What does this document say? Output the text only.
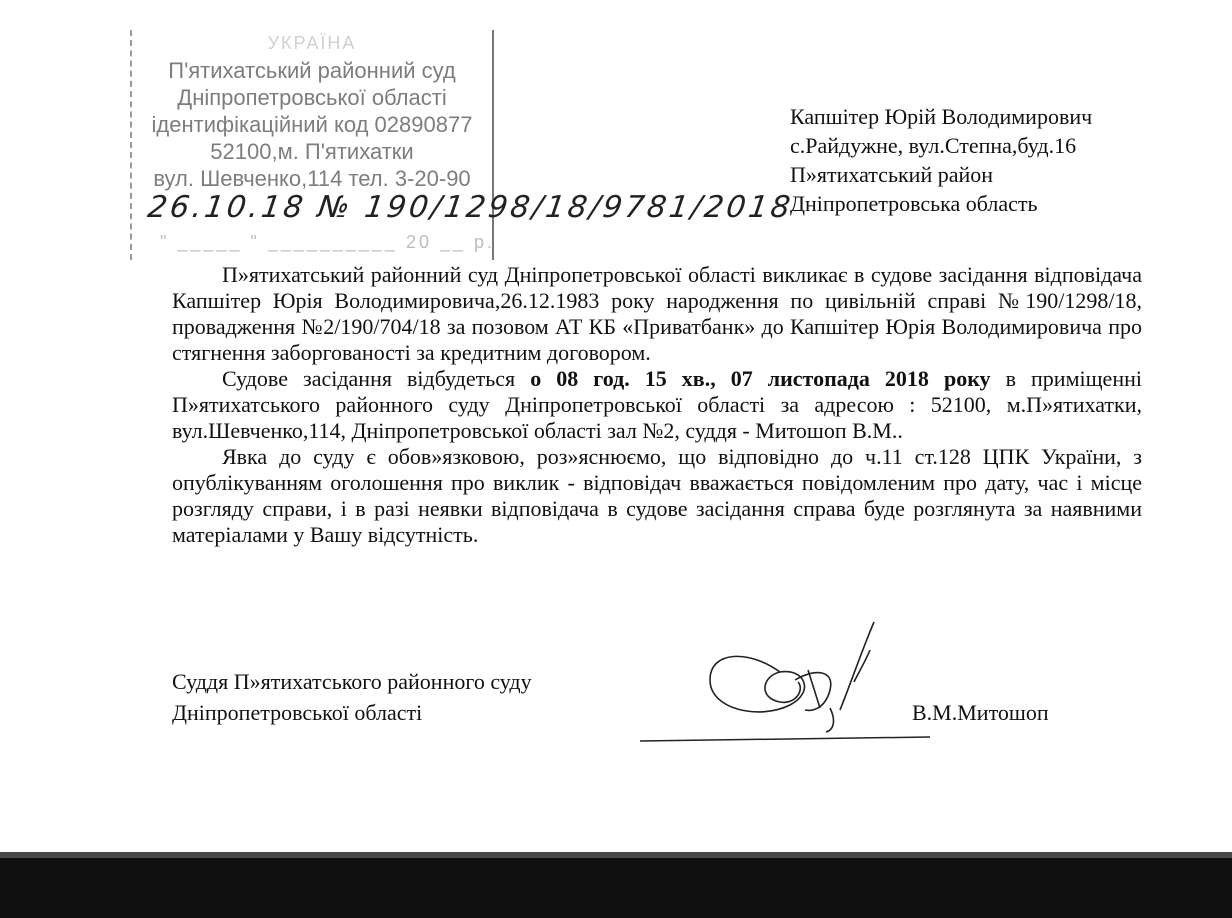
УКРАЇНА
П'ятихатський районний суд
Дніпропетровської області
ідентифікаційний код 02890877
52100,м. П'ятихатки
вул. Шевченко,114 тел. 3-20-90
26.10.18 № 190/1298/18/9781/2018
" _____ " __________ 20 __ р.
Капшітер Юрій Володимирович
с.Райдужне, вул.Степна,буд.16
П»ятихатський район
Дніпропетровська область

П»ятихатський районний суд Дніпропетровської області викликає в судове засідання відповідача Капшітер Юрія Володимировича,26.12.1983 року народження по цивільній справі №190/1298/18, провадження №2/190/704/18 за позовом АТ КБ «Приватбанк» до Капшітер Юрія Володимировича про стягнення заборгованості за кредитним договором.

Судове засідання відбудеться о 08 год. 15 хв., 07 листопада 2018 року в приміщенні П»ятихатського районного суду Дніпропетровської області за адресою : 52100, м.П»ятихатки, вул.Шевченко,114, Дніпропетровської області зал №2, суддя - Митошоп В.М..

Явка до суду є обов»язковою, роз»яснюємо, що відповідно до ч.11 ст.128 ЦПК України, з опублікуванням оголошення про виклик - відповідач вважається повідомленим про дату, час і місце розгляду справи, і в разі неявки відповідача в судове засідання справа буде розглянута за наявними матеріалами у Вашу відсутність.

Суддя П»ятихатського районного суду
Дніпропетровської області	В.М.Митошоп
